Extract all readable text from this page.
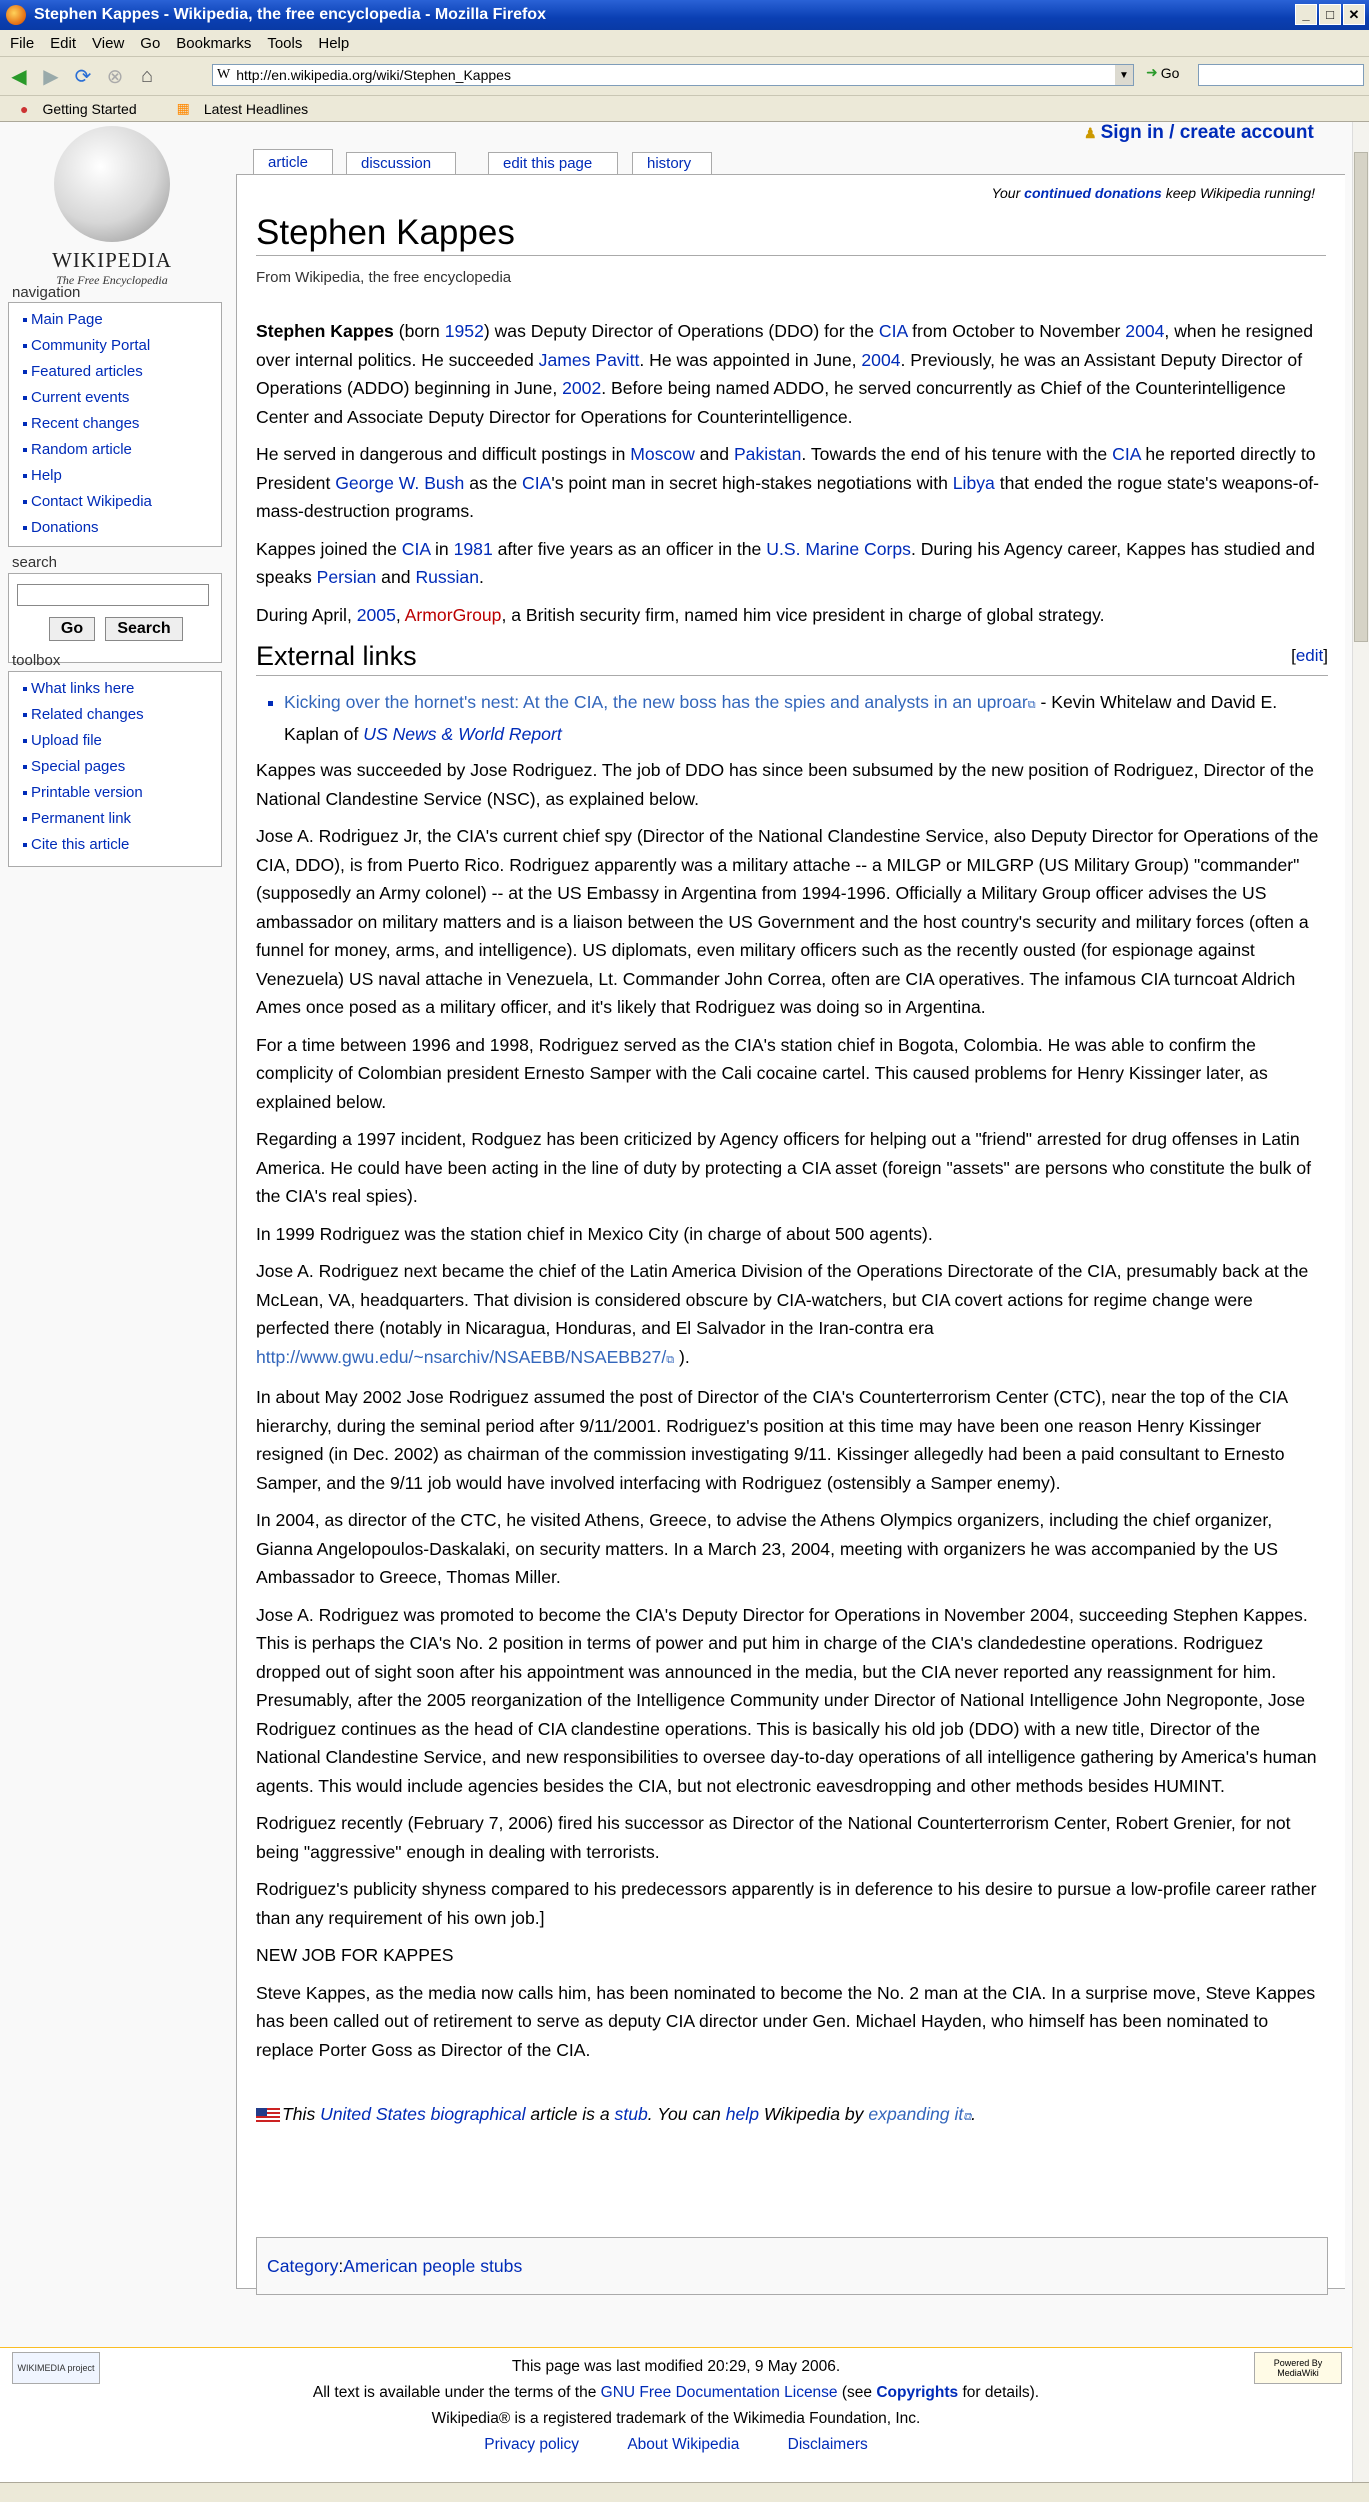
Stephen Kappes - Wikipedia, the free encyclopedia - Mozilla Firefox	_	□	✕
File Edit View Go Bookmarks Tools Help
◀ ▶ ⟳ ⊗ ⌂	W http://en.wikipedia.org/wiki/Stephen_Kappes	▼ ➜ Go
● Getting Started	▦ Latest Headlines
WIKIPEDIA
The Free Encyclopedia
navigation
Main Page
Community Portal
Featured articles
Current events
Recent changes
Random article
Help
Contact Wikipedia
Donations
search
Go	Search
toolbox
What links here
Related changes
Upload file
Special pages
Printable version
Permanent link
Cite this article
♟ Sign in / create account
article	discussion	edit this page	history
Your continued donations keep Wikipedia running!
Stephen Kappes
From Wikipedia, the free encyclopedia

Stephen Kappes (born 1952) was Deputy Director of Operations (DDO) for the CIA from October to November 2004, when he resigned over internal politics. He succeeded James Pavitt. He was appointed in June, 2004. Previously, he was an Assistant Deputy Director of Operations (ADDO) beginning in June, 2002. Before being named ADDO, he served concurrently as Chief of the Counterintelligence Center and Associate Deputy Director for Operations for Counterintelligence.

He served in dangerous and difficult postings in Moscow and Pakistan. Towards the end of his tenure with the CIA he reported directly to President George W. Bush as the CIA's point man in secret high-stakes negotiations with Libya that ended the rogue state's weapons-of-mass-destruction programs.

Kappes joined the CIA in 1981 after five years as an officer in the U.S. Marine Corps. During his Agency career, Kappes has studied and speaks Persian and Russian.

During April, 2005, ArmorGroup, a British security firm, named him vice president in charge of global strategy.

External links	[edit]
Kicking over the hornet's nest: At the CIA, the new boss has the spies and analysts in an uproar⧉ - Kevin Whitelaw and David E. Kaplan of US News & World Report

Kappes was succeeded by Jose Rodriguez. The job of DDO has since been subsumed by the new position of Rodriguez, Director of the National Clandestine Service (NSC), as explained below.

Jose A. Rodriguez Jr, the CIA's current chief spy (Director of the National Clandestine Service, also Deputy Director for Operations of the CIA, DDO), is from Puerto Rico. Rodriguez apparently was a military attache -- a MILGP or MILGRP (US Military Group) "commander" (supposedly an Army colonel) -- at the US Embassy in Argentina from 1994-1996. Officially a Military Group officer advises the US ambassador on military matters and is a liaison between the US Government and the host country's security and military forces (often a funnel for money, arms, and intelligence). US diplomats, even military officers such as the recently ousted (for espionage against Venezuela) US naval attache in Venezuela, Lt. Commander John Correa, often are CIA operatives. The infamous CIA turncoat Aldrich Ames once posed as a military officer, and it's likely that Rodriguez was doing so in Argentina.

For a time between 1996 and 1998, Rodriguez served as the CIA's station chief in Bogota, Colombia. He was able to confirm the complicity of Colombian president Ernesto Samper with the Cali cocaine cartel. This caused problems for Henry Kissinger later, as explained below.

Regarding a 1997 incident, Rodguez has been criticized by Agency officers for helping out a "friend" arrested for drug offenses in Latin America. He could have been acting in the line of duty by protecting a CIA asset (foreign "assets" are persons who constitute the bulk of the CIA's real spies).

In 1999 Rodriguez was the station chief in Mexico City (in charge of about 500 agents).

Jose A. Rodriguez next became the chief of the Latin America Division of the Operations Directorate of the CIA, presumably back at the McLean, VA, headquarters. That division is considered obscure by CIA-watchers, but CIA covert actions for regime change were perfected there (notably in Nicaragua, Honduras, and El Salvador in the Iran-contra era http://www.gwu.edu/~nsarchiv/NSAEBB/NSAEBB27/⧉ ).

In about May 2002 Jose Rodriguez assumed the post of Director of the CIA's Counterterrorism Center (CTC), near the top of the CIA hierarchy, during the seminal period after 9/11/2001. Rodriguez's position at this time may have been one reason Henry Kissinger resigned (in Dec. 2002) as chairman of the commission investigating 9/11. Kissinger allegedly had been a paid consultant to Ernesto Samper, and the 9/11 job would have involved interfacing with Rodriguez (ostensibly a Samper enemy).

In 2004, as director of the CTC, he visited Athens, Greece, to advise the Athens Olympics organizers, including the chief organizer, Gianna Angelopoulos-Daskalaki, on security matters. In a March 23, 2004, meeting with organizers he was accompanied by the US Ambassador to Greece, Thomas Miller.

Jose A. Rodriguez was promoted to become the CIA's Deputy Director for Operations in November 2004, succeeding Stephen Kappes. This is perhaps the CIA's No. 2 position in terms of power and put him in charge of the CIA's clandedestine operations. Rodriguez dropped out of sight soon after his appointment was announced in the media, but the CIA never reported any reassignment for him. Presumably, after the 2005 reorganization of the Intelligence Community under Director of National Intelligence John Negroponte, Jose Rodriguez continues as the head of CIA clandestine operations. This is basically his old job (DDO) with a new title, Director of the National Clandestine Service, and new responsibilities to oversee day-to-day operations of all intelligence gathering by America's human agents. This would include agencies besides the CIA, but not electronic eavesdropping and other methods besides HUMINT.

Rodriguez recently (February 7, 2006) fired his successor as Director of the National Counterterrorism Center, Robert Grenier, for not being "aggressive" enough in dealing with terrorists.

Rodriguez's publicity shyness compared to his predecessors apparently is in deference to his desire to pursue a low-profile career rather than any requirement of his own job.]

NEW JOB FOR KAPPES

Steve Kappes, as the media now calls him, has been nominated to become the No. 2 man at the CIA. In a surprise move, Steve Kappes has been called out of retirement to serve as deputy CIA director under Gen. Michael Hayden, who himself has been nominated to replace Porter Goss as Director of the CIA.

This United States biographical article is a stub. You can help Wikipedia by expanding it⧉.

Category : American people stubs
WIKIMEDIA project	Powered By MediaWiki
This page was last modified 20:29, 9 May 2006.
All text is available under the terms of the GNU Free Documentation License (see Copyrights for details).
Wikipedia® is a registered trademark of the Wikimedia Foundation, Inc.
Privacy policy	About Wikipedia	Disclaimers
